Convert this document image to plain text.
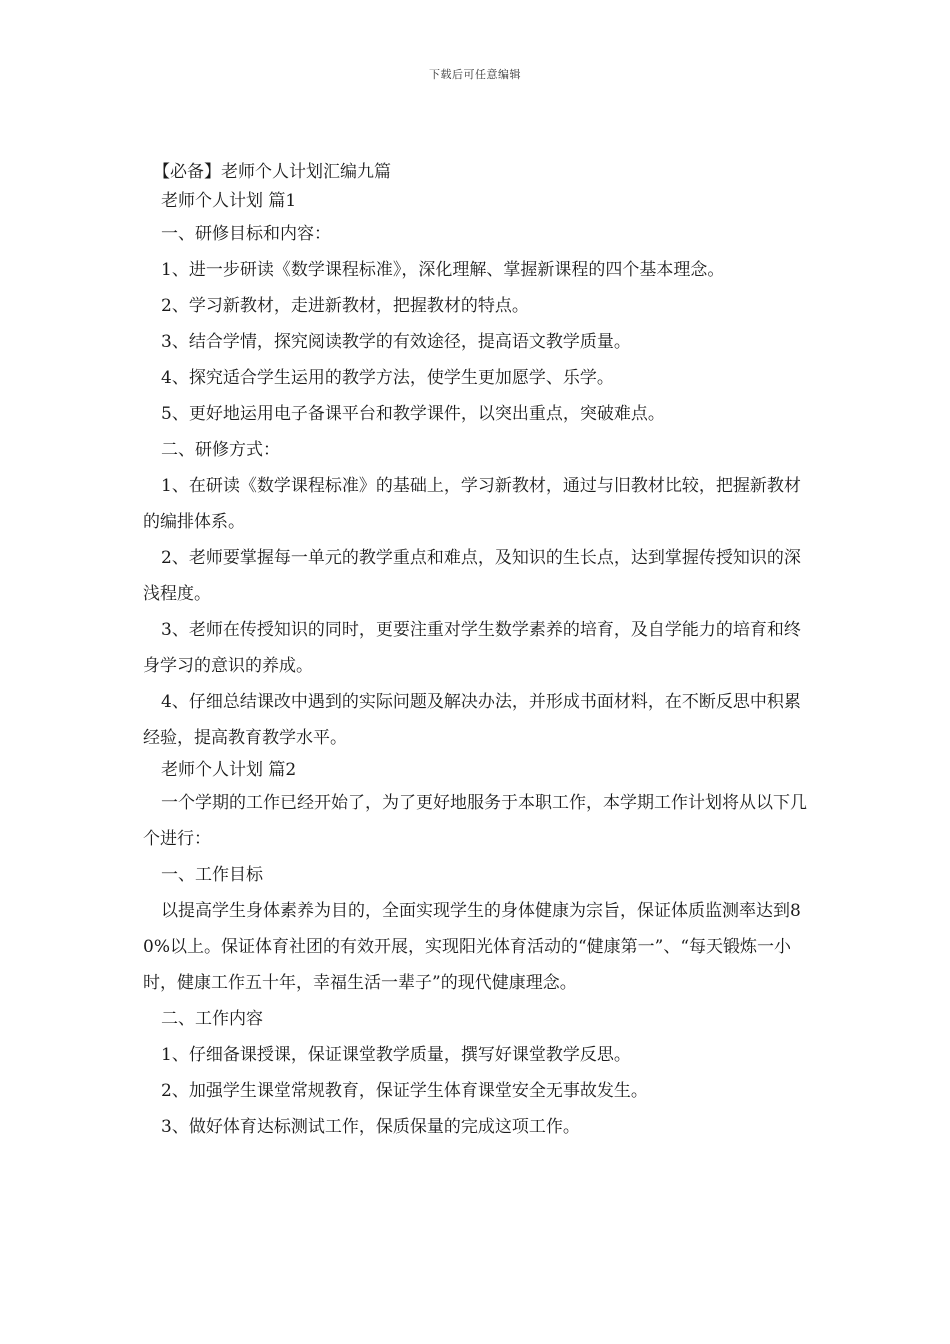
下载后可任意编辑

【必备】老师个人计划汇编九篇

老师个人计划 篇1

一、研修目标和内容：

1、进一步研读《数学课程标准》，深化理解、掌握新课程的四个基本理念。

2、学习新教材，走进新教材，把握教材的特点。

3、结合学情，探究阅读教学的有效途径，提高语文教学质量。

4、探究适合学生运用的教学方法，使学生更加愿学、乐学。

5、更好地运用电子备课平台和教学课件，以突出重点，突破难点。

二、研修方式：

1、在研读《数学课程标准》的基础上，学习新教材，通过与旧教材比较，把握新教材的编排体系。

2、老师要掌握每一单元的教学重点和难点，及知识的生长点，达到掌握传授知识的深浅程度。

3、老师在传授知识的同时，更要注重对学生数学素养的培育，及自学能力的培育和终身学习的意识的养成。

4、仔细总结课改中遇到的实际问题及解决办法，并形成书面材料，在不断反思中积累经验，提高教育教学水平。

老师个人计划 篇2

一个学期的工作已经开始了，为了更好地服务于本职工作，本学期工作计划将从以下几个进行：

一、工作目标

以提高学生身体素养为目的，全面实现学生的身体健康为宗旨，保证体质监测率达到80%以上。保证体育社团的有效开展，实现阳光体育活动的“健康第一”、“每天锻炼一小时，健康工作五十年，幸福生活一辈子”的现代健康理念。

二、工作内容

1、仔细备课授课，保证课堂教学质量，撰写好课堂教学反思。

2、加强学生课堂常规教育，保证学生体育课堂安全无事故发生。

3、做好体育达标测试工作，保质保量的完成这项工作。
